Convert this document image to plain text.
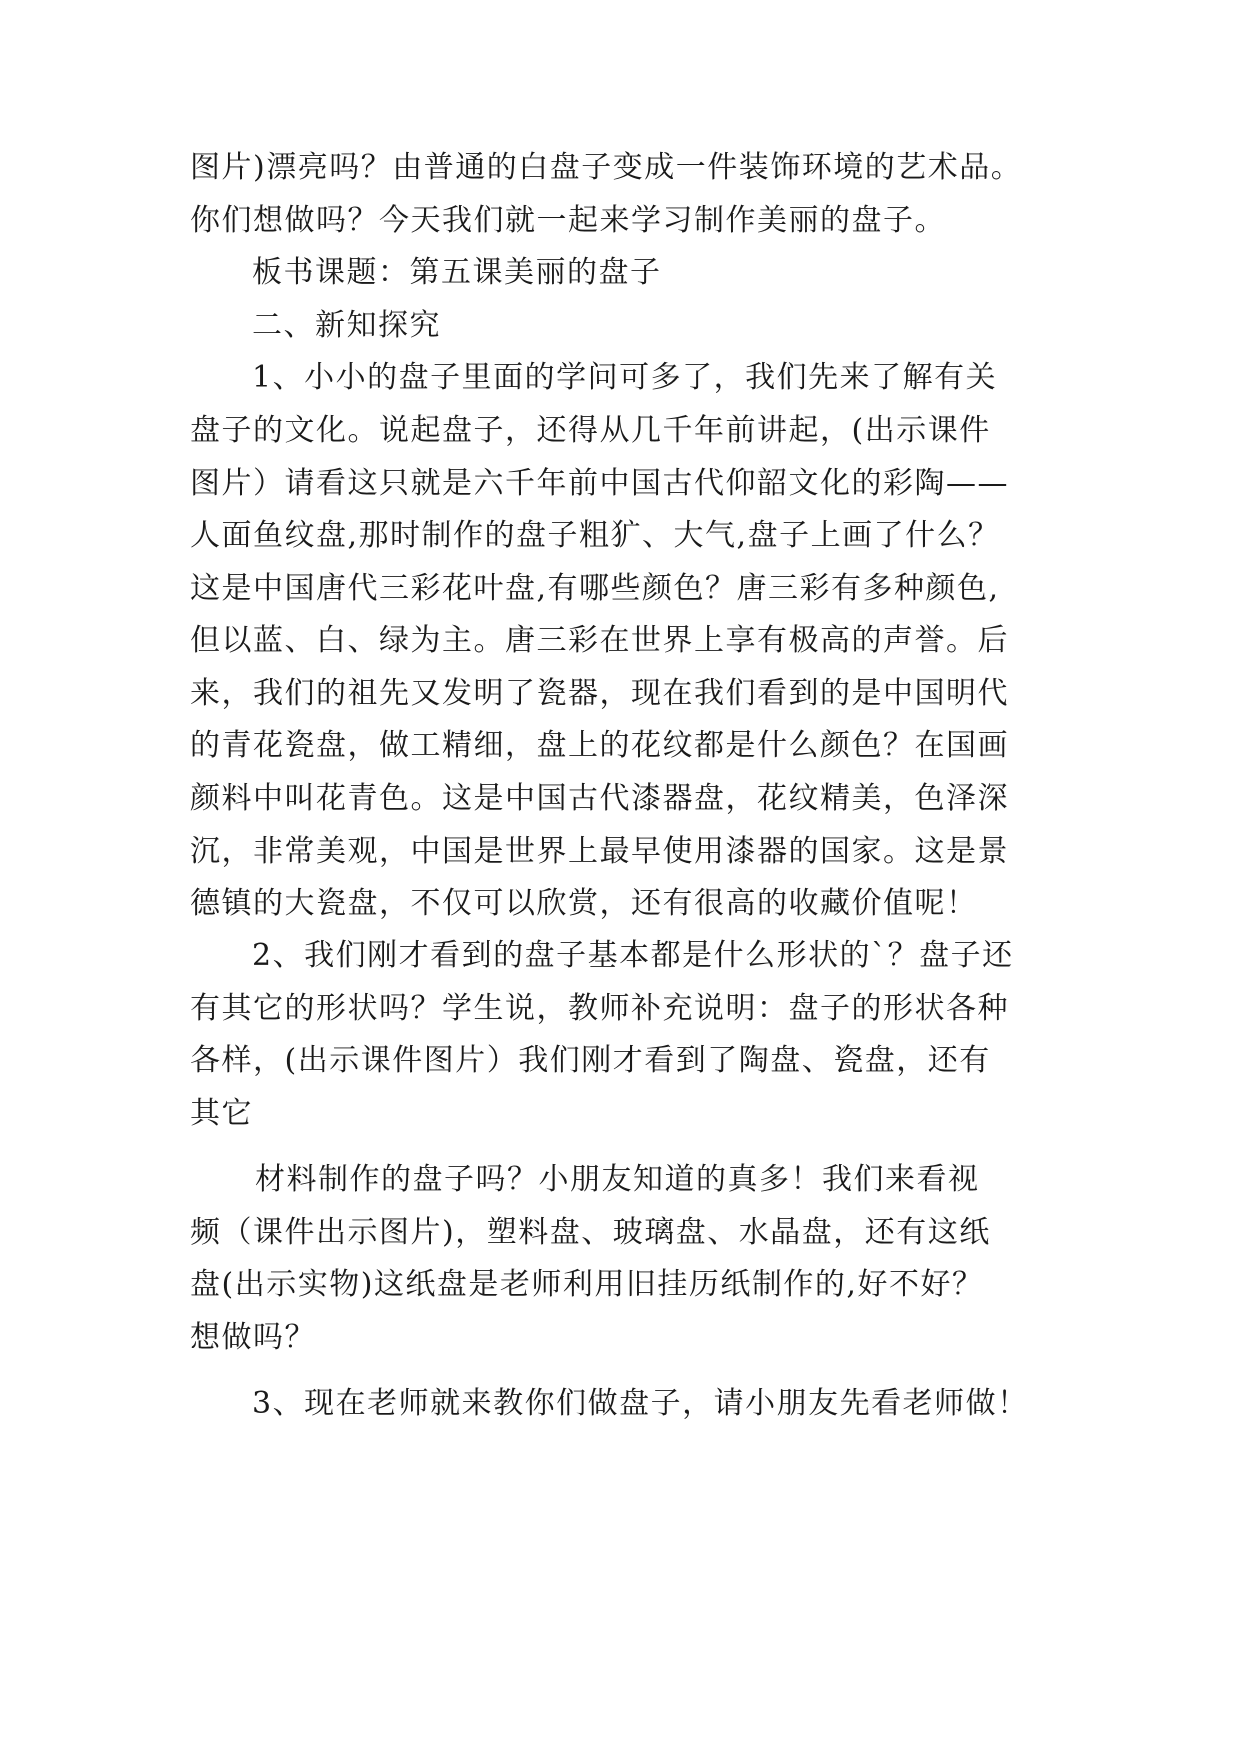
图片)漂亮吗？由普通的白盘子变成一件装饰环境的艺术品。
你们想做吗？今天我们就一起来学习制作美丽的盘子。
板书课题：第五课美丽的盘子
二、新知探究
1、小小的盘子里面的学问可多了，我们先来了解有关
盘子的文化。说起盘子，还得从几千年前讲起，(出示课件
图片）请看这只就是六千年前中国古代仰韶文化的彩陶——
人面鱼纹盘,那时制作的盘子粗犷、大气,盘子上画了什么？
这是中国唐代三彩花叶盘,有哪些颜色？唐三彩有多种颜色,
但以蓝、白、绿为主。唐三彩在世界上享有极高的声誉。后
来，我们的祖先又发明了瓷器，现在我们看到的是中国明代
的青花瓷盘，做工精细，盘上的花纹都是什么颜色？在国画
颜料中叫花青色。这是中国古代漆器盘，花纹精美，色泽深
沉，非常美观，中国是世界上最早使用漆器的国家。这是景
德镇的大瓷盘，不仅可以欣赏，还有很高的收藏价值呢！
2、我们刚才看到的盘子基本都是什么形状的`？盘子还
有其它的形状吗？学生说，教师补充说明：盘子的形状各种
各样，(出示课件图片）我们刚才看到了陶盘、瓷盘，还有
其它
材料制作的盘子吗？小朋友知道的真多！我们来看视
频（课件出示图片)，塑料盘、玻璃盘、水晶盘，还有这纸
盘(出示实物)这纸盘是老师利用旧挂历纸制作的,好不好？
想做吗？
3、现在老师就来教你们做盘子，请小朋友先看老师做！
